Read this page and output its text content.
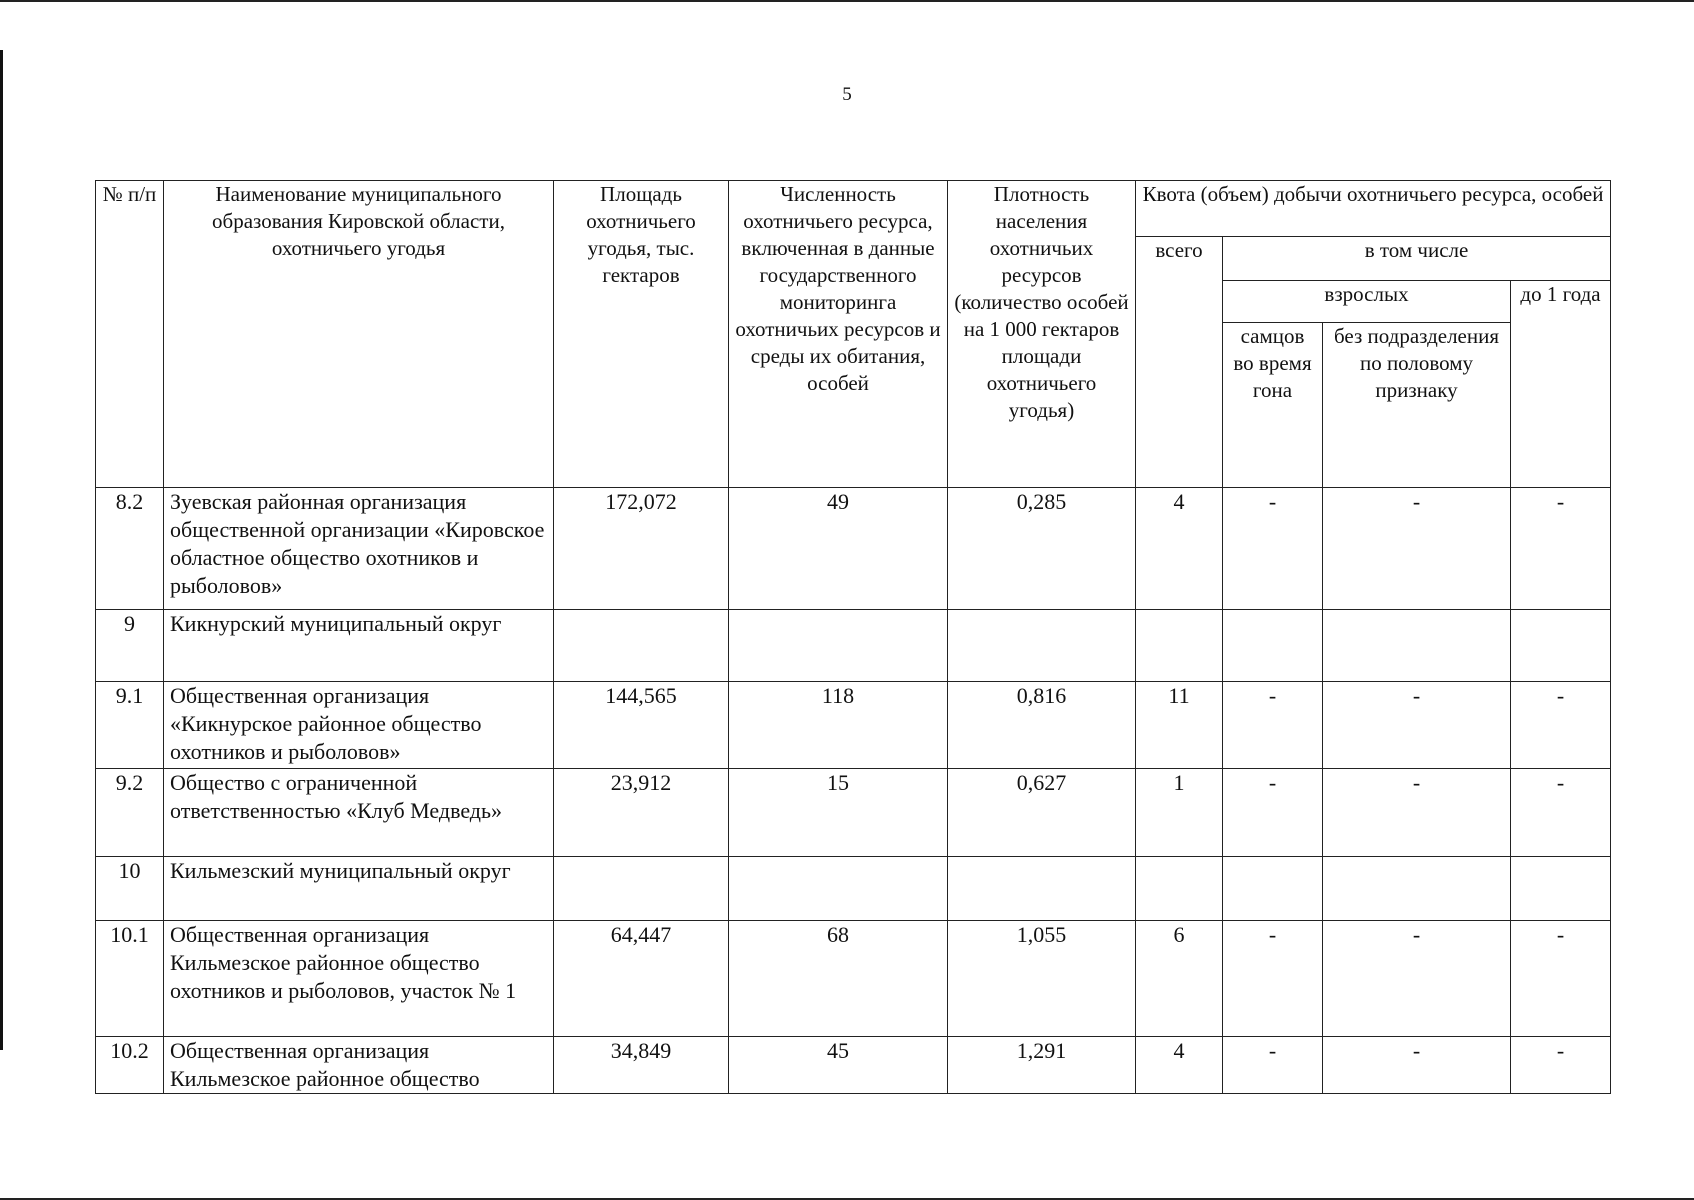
5
№ п/п	Наименование муниципального образования Кировской области, охотничьего угодья	Площадь охотничьего угодья, тыс. гектаров	Численность охотничьего ресурса, включенная в данные государственного мониторинга охотничьих ресурсов и среды их обитания, особей	Плотность населения охотничьих ресурсов (количество особей на 1 000 гектаров площади охотничьего угодья)	Квота (объем) добычи охотничьего ресурса, особей			
					всего	в том числе		
						взрослых		до 1 года
						самцов во время гона	без подразделения по половому признаку	
8.2	Зуевская районная организация общественной организации «Кировское областное общество охотников и рыболовов»	172,072	49	0,285	4	-	-	-
9	Кикнурский муниципальный округ							
9.1	Общественная организация «Кикнурское районное общество охотников и рыболовов»	144,565	118	0,816	11	-	-	-
9.2	Общество с ограниченной ответственностью «Клуб Медведь»	23,912	15	0,627	1	-	-	-
10	Кильмезский муниципальный округ							
10.1	Общественная организация Кильмезское районное общество охотников и рыболовов, участок № 1	64,447	68	1,055	6	-	-	-
10.2	Общественная организация Кильмезское районное общество	34,849	45	1,291	4	-	-	-
